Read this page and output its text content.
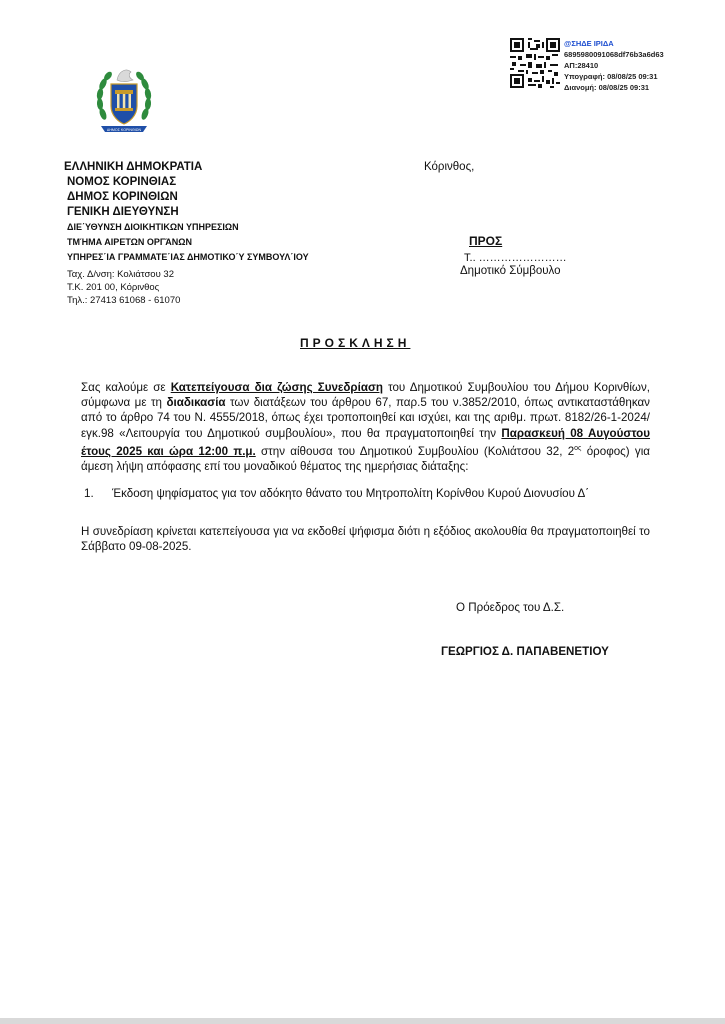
@ΣΗΔΕ ΙΡΙΔΑ
6895980091068df76b3a6d63
ΑΠ:28410
Υπογραφή: 08/08/25 09:31
Διανομή: 08/08/25 09:31
ΔΗΜΟΣ ΚΟΡΙΝΘΙΩΝ
ΕΛΛΗΝΙΚΗ ΔΗΜΟΚΡΑΤΙΑ
ΝΟΜΟΣ ΚΟΡΙΝΘΙΑΣ
ΔΗΜΟΣ ΚΟΡΙΝΘΙΩΝ
ΓΕΝΙΚΗ ΔΙΕΥΘΥΝΣΗ
ΔΙΕ΄ΥΘΥΝΣΗ ΔΙΟΙΚΗΤΙΚΩΝ ΥΠΗΡΕΣΙΩΝ
ΤΜΉΜΑ ΑΙΡΕΤΩΝ ΟΡΓΆΝΩΝ
ΥΠΗΡΕΣ΄ΙΑ ΓΡΑΜΜΑΤΕ΄ΙΑΣ ΔΗΜΟΤΙΚΟ΄Υ ΣΥΜΒΟΥΛ΄ΙΟΥ
Ταχ. Δ/νση: Κολιάτσου 32
Τ.Κ. 201 00, Κόρινθος
Τηλ.: 27413 61068 - 61070
Κόρινθος,
ΠΡΟΣ
Τ.. ……………………
Δημοτικό Σύμβουλο
ΠΡΟΣΚΛΗΣΗ
Σας καλούμε σε Κατεπείγουσα δια ζώσης Συνεδρίαση του Δημοτικού Συμβουλίου του Δήμου Κορινθίων, σύμφωνα με τη διαδικασία των διατάξεων του άρθρου 67, παρ.5 του ν.3852/2010, όπως αντικαταστάθηκαν από το άρθρο 74 του Ν. 4555/2018, όπως έχει τροποποιηθεί και ισχύει, και της αριθμ. πρωτ. 8182/26-1-2024/εγκ.98 «Λειτουργία του Δημοτικού συμβουλίου», που θα πραγματοποιηθεί την Παρασκευή 08 Αυγούστου έτους 2025 και ώρα 12:00 π.μ. στην αίθουσα του Δημοτικού Συμβουλίου (Κολιάτσου 32, $2^{o\varsigma}$ όροφος) για άμεση λήψη απόφασης επί του μοναδικού θέματος της ημερήσιας διάταξης:
1. Έκδοση ψηφίσματος για τον αδόκητο θάνατο του Μητροπολίτη Κορίνθου Κυρού Διονυσίου Δ΄
Η συνεδρίαση κρίνεται κατεπείγουσα για να εκδοθεί ψήφισμα διότι η εξόδιος ακολουθία θα πραγματοποιηθεί το Σάββατο 09-08-2025.
Ο Πρόεδρος του Δ.Σ.
ΓΕΩΡΓΙΟΣ Δ. ΠΑΠΑΒΕΝΕΤΙΟΥ
